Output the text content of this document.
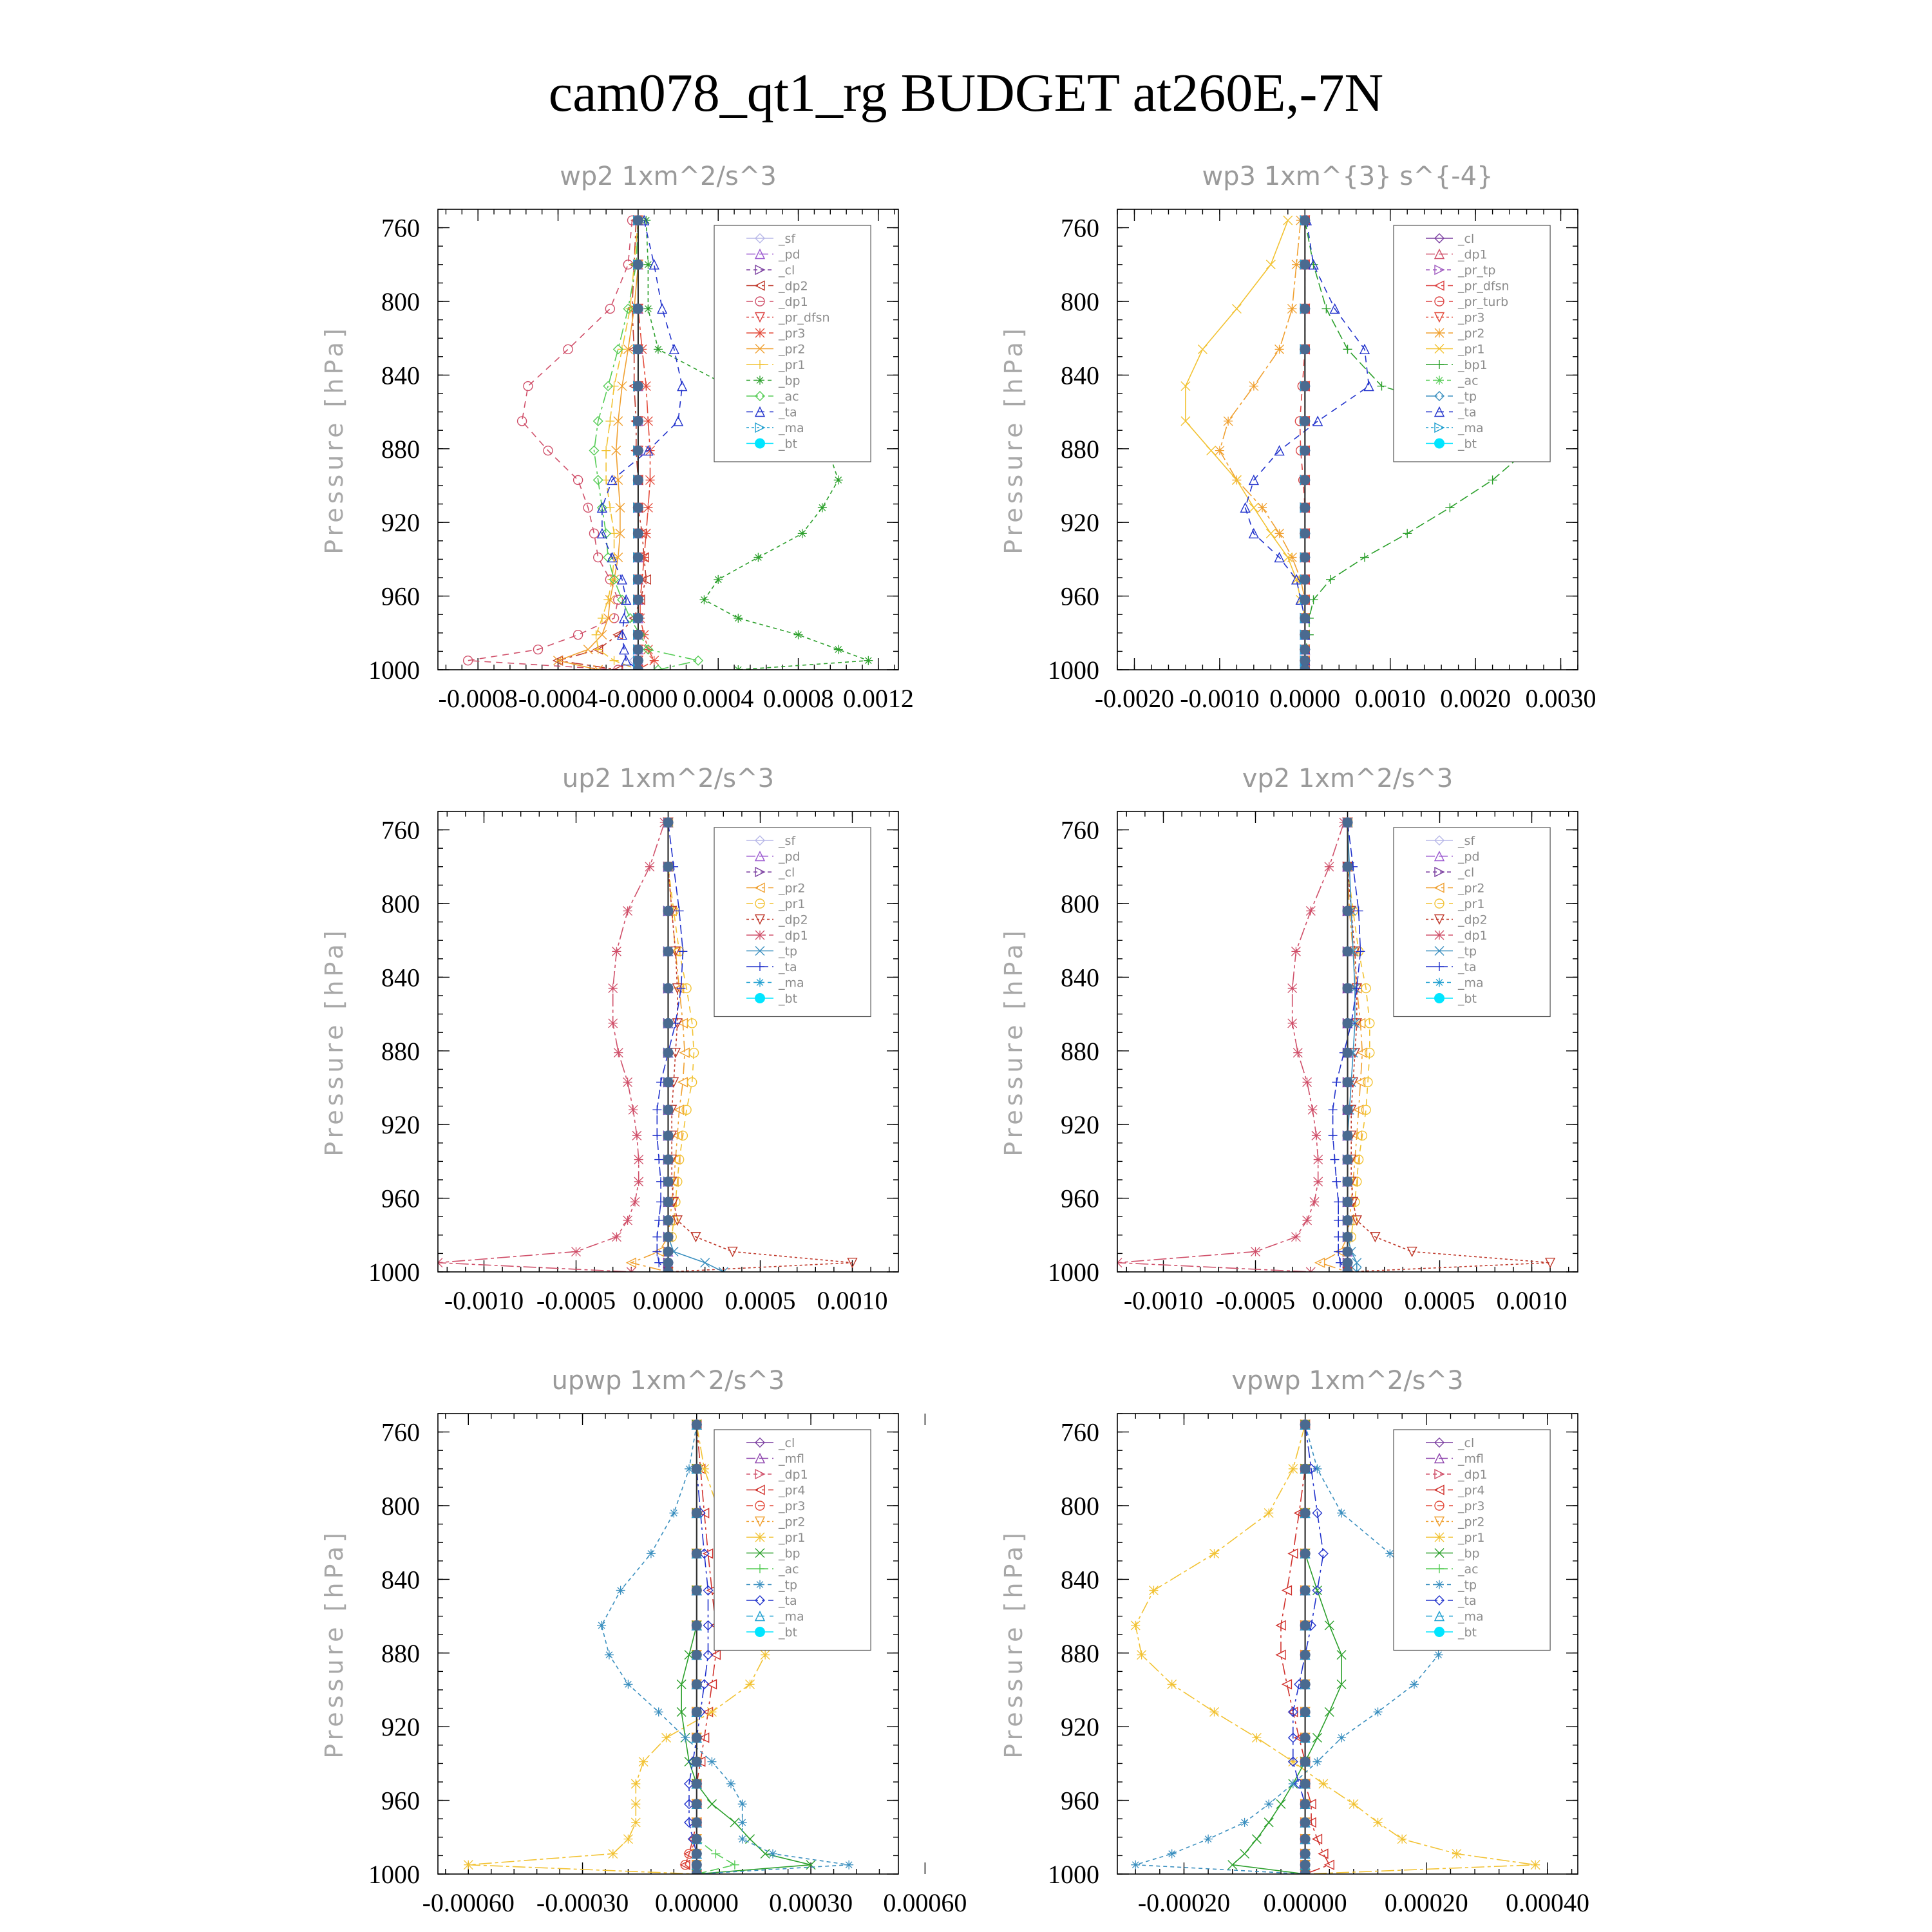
cam078_qt1_rg BUDGET at260E,-7N
wp2 1xm^2/s^3
Pressure [hPa]
-0.0008 -0.0004 -0.0000 0.0004 0.0008 0.0012
760
800
840
880
920
960
1000
_sf
_pd
_cl
_dp2
_dp1
_pr_dfsn
_pr3
_pr2
_pr1
_bp
_ac
_ta
_ma
_bt
wp3 1xm^{3} s^{-4}
Pressure [hPa]
-0.0020 -0.0010 0.0000 0.0010 0.0020 0.0030
760
800
840
880
920
960
1000
_cl
_dp1
_pr_tp
_pr_dfsn
_pr_turb
_pr3
_pr2
_pr1
_bp1
_ac
_tp
_ta
_ma
_bt
up2 1xm^2/s^3
Pressure [hPa]
-0.0010 -0.0005 0.0000 0.0005 0.0010
760
800
840
880
920
960
1000
_sf
_pd
_cl
_pr2
_pr1
_dp2
_dp1
_tp
_ta
_ma
_bt
vp2 1xm^2/s^3
Pressure [hPa]
-0.0010 -0.0005 0.0000 0.0005 0.0010
760
800
840
880
920
960
1000
_sf
_pd
_cl
_pr2
_pr1
_dp2
_dp1
_tp
_ta
_ma
_bt
upwp 1xm^2/s^3
Pressure [hPa]
-0.00060 -0.00030 0.00000 0.00030 0.00060
760
800
840
880
920
960
1000
_cl
_mfl
_dp1
_pr4
_pr3
_pr2
_pr1
_bp
_ac
_tp
_ta
_ma
_bt
vpwp 1xm^2/s^3
Pressure [hPa]
-0.00020 0.00000 0.00020 0.00040
760
800
840
880
920
960
1000
_cl
_mfl
_dp1
_pr4
_pr3
_pr2
_pr1
_bp
_ac
_tp
_ta
_ma
_bt
